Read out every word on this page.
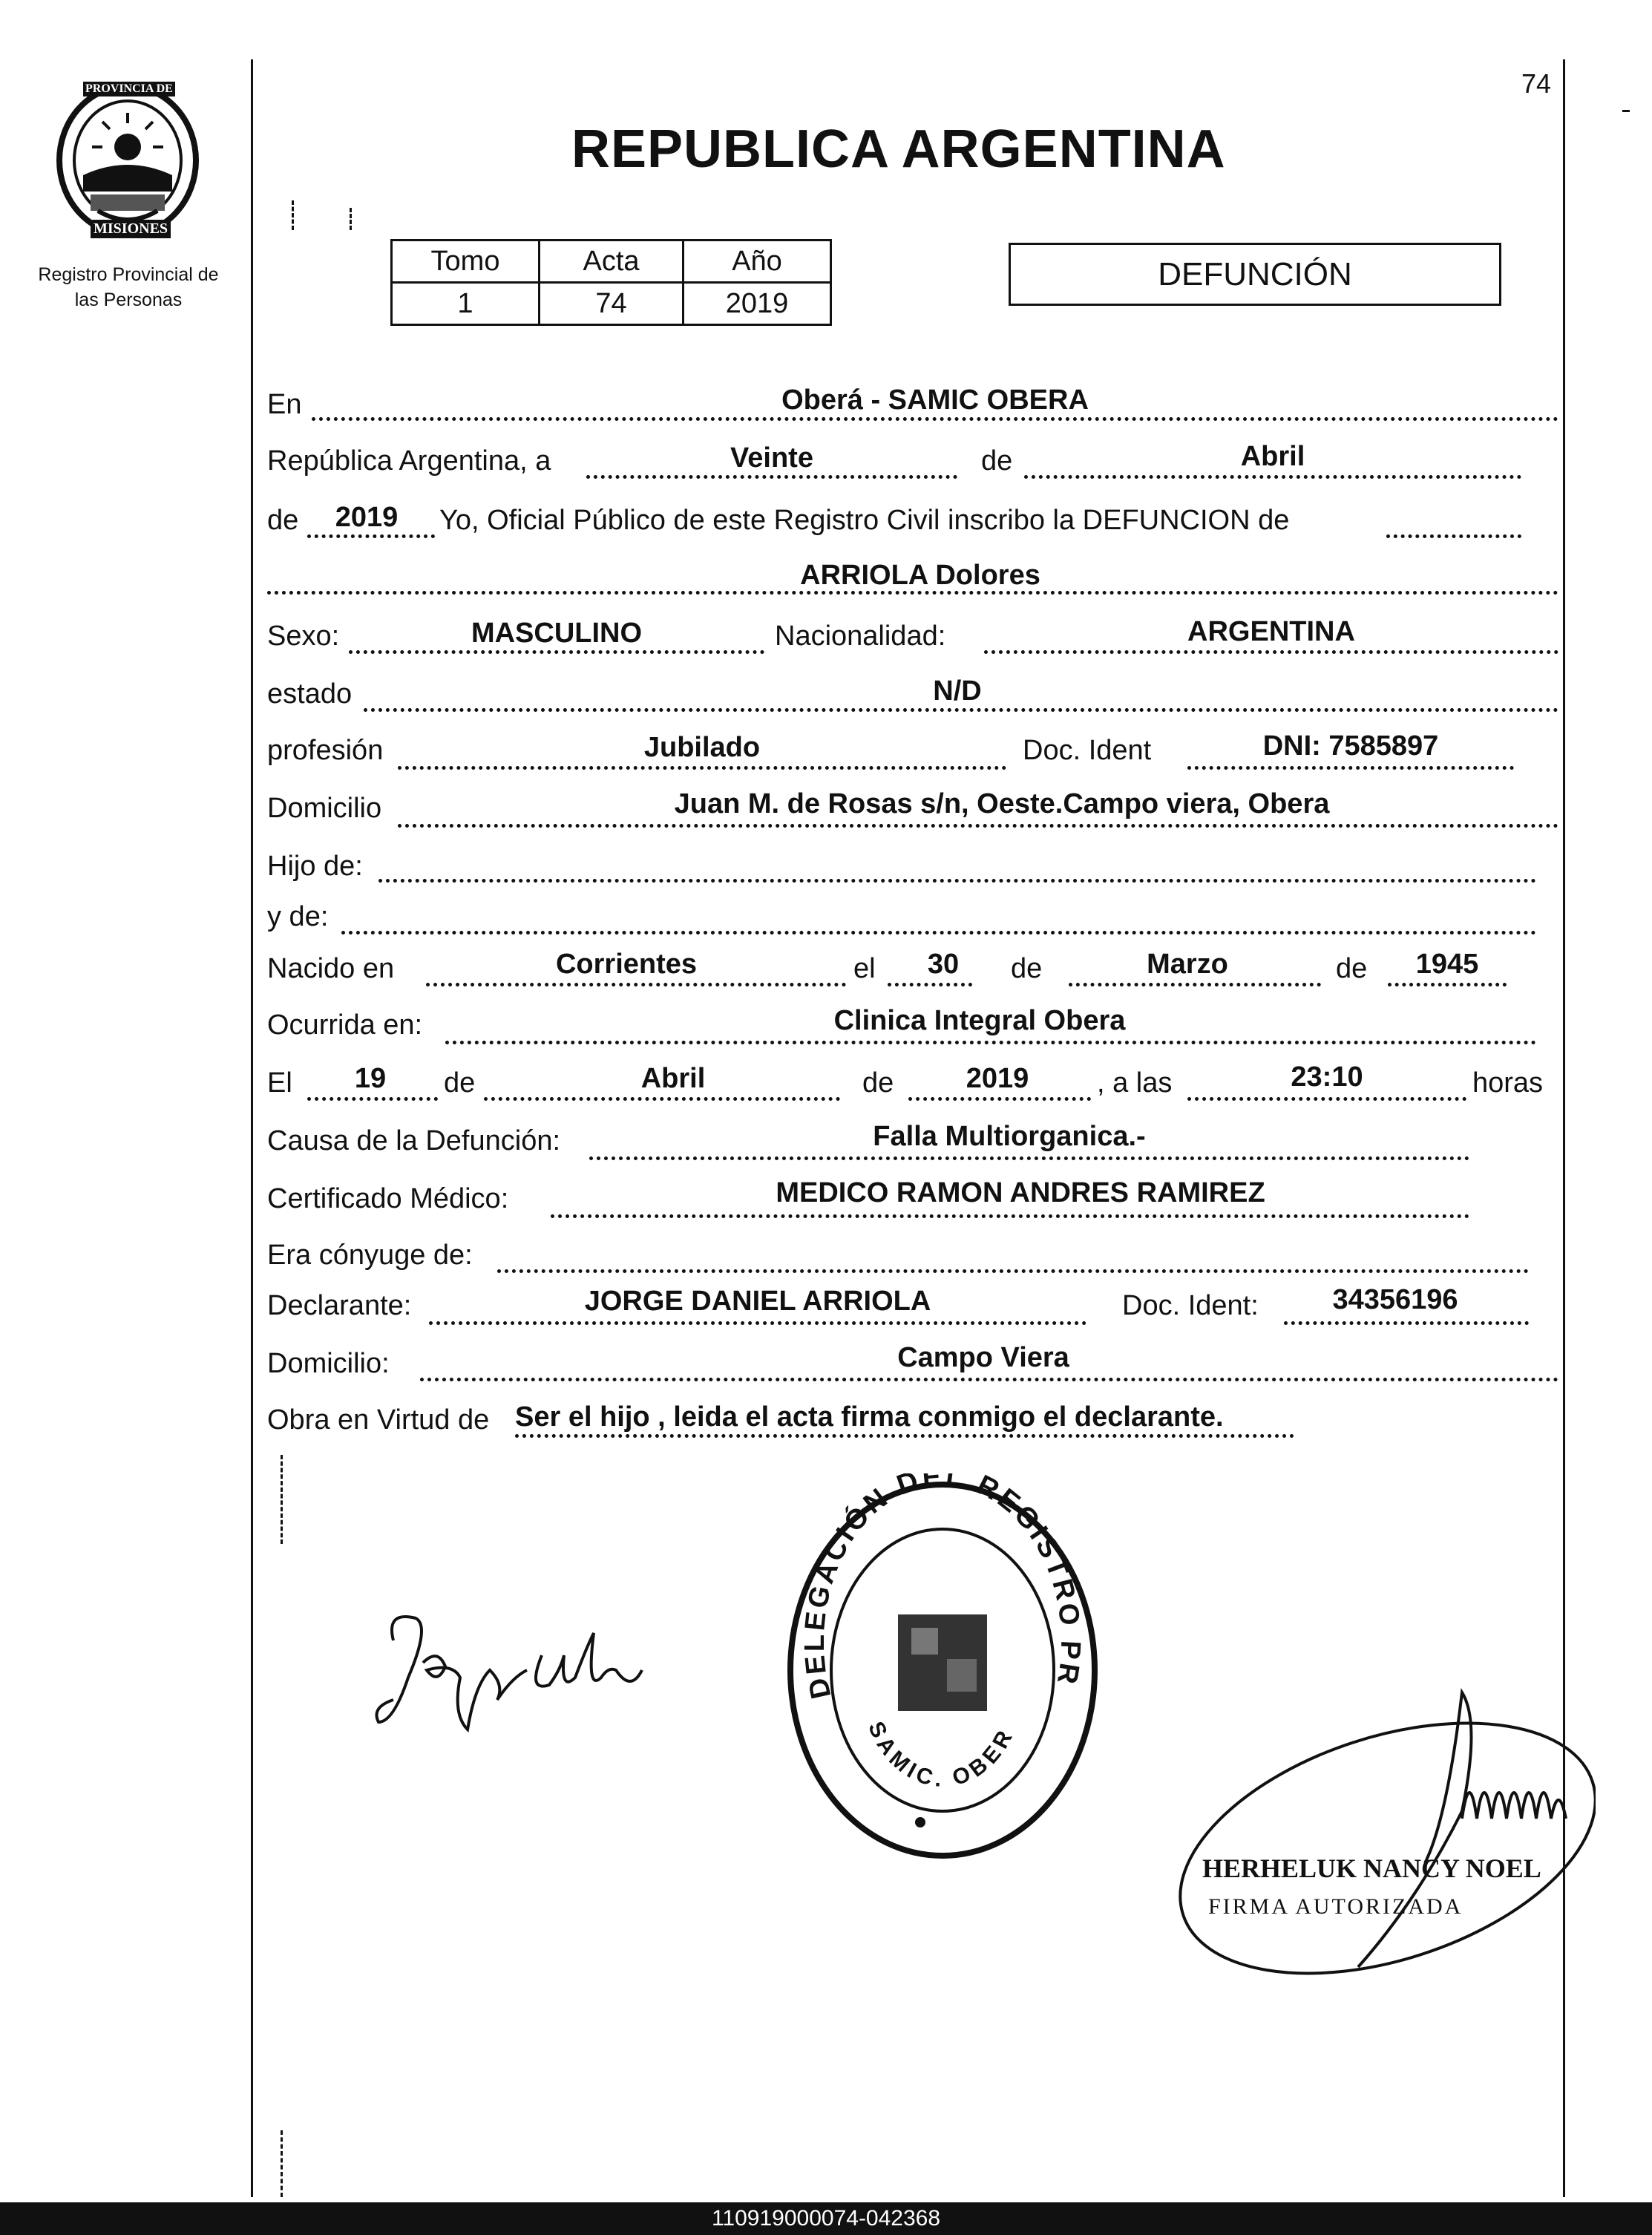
PROVINCIA DE
MISIONES
Registro Provincial de
las Personas
74
REPUBLICA ARGENTINA
Tomo	Acta	Año
1	74	2019
DEFUNCIÓN
En	Oberá - SAMIC OBERA
República Argentina, a	Veinte	de	Abril
de	2019	Yo, Oficial Público de este Registro Civil inscribo la DEFUNCION de
ARRIOLA Dolores
Sexo:	MASCULINO	Nacionalidad:	ARGENTINA
estado	N/D
profesión	Jubilado	Doc. Ident	DNI: 7585897
Domicilio	Juan M. de Rosas s/n, Oeste.Campo viera, Obera
Hijo de:
y de:
Nacido en	Corrientes	el	30	de	Marzo	de	1945
Ocurrida en:	Clinica Integral Obera
El	19	de	Abril	de	2019	, a las	23:10	horas
Causa de la Defunción:	Falla Multiorganica.-
Certificado Médico:	MEDICO RAMON ANDRES RAMIREZ
Era cónyuge de:
Declarante:	JORGE DANIEL ARRIOLA	Doc. Ident:	34356196
Domicilio:	Campo Viera
Obra en Virtud de Ser el hijo , leida el acta firma conmigo el declarante.
DELEGACIÓN DEL REGISTRO PR
SAMIC. OBER
HERHELUK NANCY NOEL
FIRMA AUTORIZADA
110919000074-042368
